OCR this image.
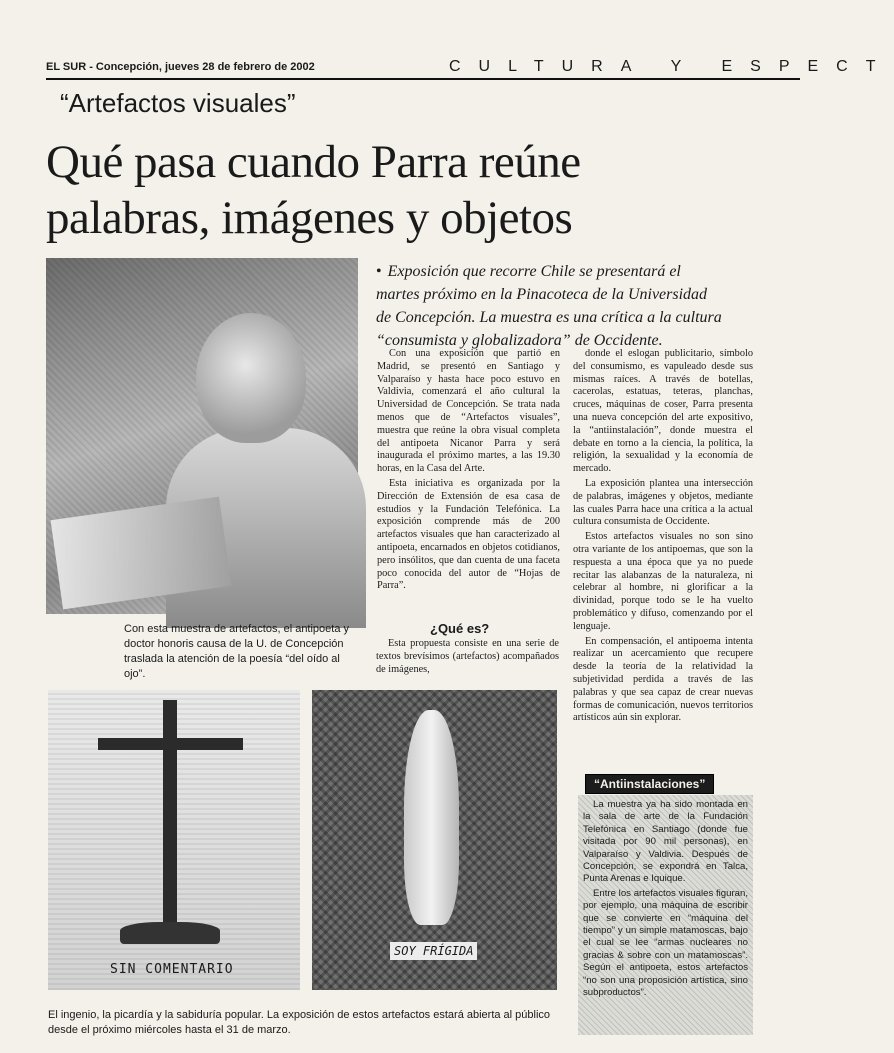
EL SUR - Concepción, jueves 28 de febrero de 2002	CULTURA Y ESPECT
“Artefactos visuales”
Qué pasa cuando Parra reúne
palabras, imágenes y objetos
Con esta muestra de artefactos, el antipoeta y doctor honoris causa de la U. de Concepción traslada la atención de la poesía “del oído al ojo”.
• Exposición que recorre Chile se presentará el martes próximo en la Pinacoteca de la Universidad de Concepción. La muestra es una crítica a la cultura “consumista y globalizadora” de Occidente.

Con una exposición que partió en Madrid, se presentó en Santiago y Valparaíso y hasta hace poco estuvo en Valdivia, comenzará el año cultural la Universidad de Concepción. Se trata nada menos que de “Artefactos visuales”, muestra que reúne la obra visual completa del antipoeta Nicanor Parra y será inaugurada el próximo martes, a las 19.30 horas, en la Casa del Arte.

Esta iniciativa es organizada por la Dirección de Extensión de esa casa de estudios y la Fundación Telefónica. La exposición comprende más de 200 artefactos visuales que han caracterizado al antipoeta, encarnados en objetos cotidianos, pero insólitos, que dan cuenta de una faceta poco conocida del autor de “Hojas de Parra”.

¿Qué es?

Esta propuesta consiste en una serie de textos brevísimos (artefactos) acompañados de imágenes,

donde el eslogan publicitario, símbolo del consumismo, es vapuleado desde sus mismas raíces. A través de botellas, cacerolas, estatuas, teteras, planchas, cruces, máquinas de coser, Parra presenta una nueva concepción del arte expositivo, la “antiinstalación”, donde muestra el debate en torno a la ciencia, la política, la religión, la sexualidad y la economía de mercado.

La exposición plantea una intersección de palabras, imágenes y objetos, mediante las cuales Parra hace una crítica a la actual cultura consumista de Occidente.

Estos artefactos visuales no son sino otra variante de los antipoemas, que son la respuesta a una época que ya no puede recitar las alabanzas de la naturaleza, ni celebrar al hombre, ni glorificar a la divinidad, porque todo se le ha vuelto problemático y difuso, comenzando por el lenguaje.

En compensación, el antipoema intenta realizar un acercamiento que recupere desde la teoría de la relatividad la subjetividad perdida a través de las palabras y que sea capaz de crear nuevas formas de comunicación, nuevos territorios artísticos aún sin explorar.

SIN COMENTARIO
SOY FRÍGIDA
El ingenio, la picardía y la sabiduría popular. La exposición de estos artefactos estará abierta al público desde el próximo miércoles hasta el 31 de marzo.
“Antiinstalaciones”

La muestra ya ha sido montada en la sala de arte de la Fundación Telefónica en Santiago (donde fue visitada por 90 mil personas), en Valparaíso y Valdivia. Después de Concepción, se expondrá en Talca, Punta Arenas e Iquique.

Entre los artefactos visuales figuran, por ejemplo, una máquina de escribir que se convierte en “máquina del tiempo” y un simple matamoscas, bajo el cual se lee “armas nucleares no gracias & sobre con un matamoscas”. Según el antipoeta, estos artefactos “no son una proposición artística, sino subproductos”.
